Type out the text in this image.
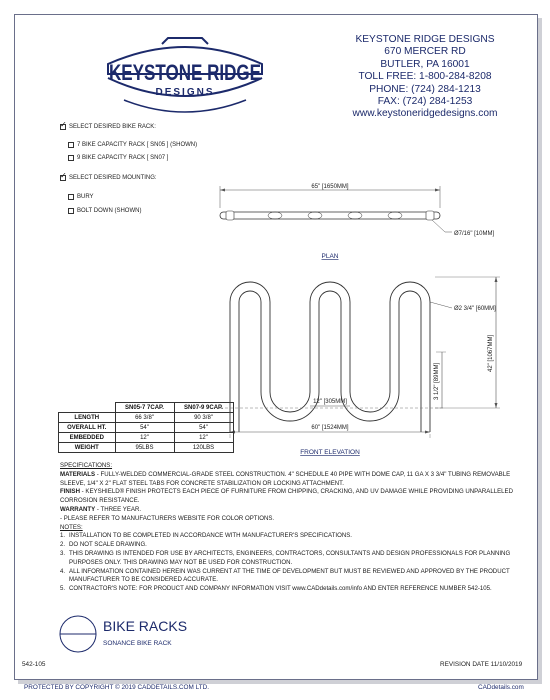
KEYSTONE RIDGE
DESIGNS
KEYSTONE RIDGE DESIGNS
670 MERCER RD
BUTLER, PA 16001
TOLL FREE: 1-800-284-8208
PHONE: (724) 284-1213
FAX: (724) 284-1253
www.keystoneridgedesigns.com
✓
SELECT DESIRED BIKE RACK:
7 BIKE CAPACITY RACK [ SN05 ] (SHOWN)
9 BIKE CAPACITY RACK [ SN07 ]
✓
SELECT DESIRED MOUNTING:
BURY
BOLT DOWN (SHOWN)
65" [1650MM]
Ø7/16" [10MM]
PLAN
42" [1067MM]
3 1/2" [89MM]
Ø2 3/4" [60MM]
12" [305MM]
60" [1524MM]
FRONT ELEVATION
	SN05-7 7CAP.	SN07-9 9CAP.
LENGTH	66 3/8"	90 3/8"
OVERALL HT.	54"	54"
EMBEDDED	12"	12"
WEIGHT	95LBS	120LBS
SPECIFICATIONS:
MATERIALS - FULLY-WELDED COMMERCIAL-GRADE STEEL CONSTRUCTION. 4" SCHEDULE 40 PIPE WITH DOME CAP, 11 GA X 3 3/4" TUBING REMOVABLE SLEEVE, 1/4" X 2" FLAT STEEL TABS FOR CONCRETE STABILIZATION OR LOCKING ATTACHMENT.
FINISH - KEYSHIELD® FINISH PROTECTS EACH PIECE OF FURNITURE FROM CHIPPING, CRACKING, AND UV DAMAGE WHILE PROVIDING UNPARALLELED CORROSION RESISTANCE.
WARRANTY - THREE YEAR.
- PLEASE REFER TO MANUFACTURERS WEBSITE FOR COLOR OPTIONS.
NOTES:
1. INSTALLATION TO BE COMPLETED IN ACCORDANCE WITH MANUFACTURER'S SPECIFICATIONS.
2. DO NOT SCALE DRAWING.
3. THIS DRAWING IS INTENDED FOR USE BY ARCHITECTS, ENGINEERS, CONTRACTORS, CONSULTANTS AND DESIGN PROFESSIONALS FOR PLANNING PURPOSES ONLY. THIS DRAWING MAY NOT BE USED FOR CONSTRUCTION.
4. ALL INFORMATION CONTAINED HEREIN WAS CURRENT AT THE TIME OF DEVELOPMENT BUT MUST BE REVIEWED AND APPROVED BY THE PRODUCT MANUFACTURER TO BE CONSIDERED ACCURATE.
5. CONTRACTOR'S NOTE: FOR PRODUCT AND COMPANY INFORMATION VISIT www.CADdetails.com/info AND ENTER REFERENCE NUMBER 542-105.
BIKE RACKS
SONANCE BIKE RACK
542-105	REVISION DATE 11/10/2019
PROTECTED BY COPYRIGHT © 2019 CADDETAILS.COM LTD.	CADdetails.com
